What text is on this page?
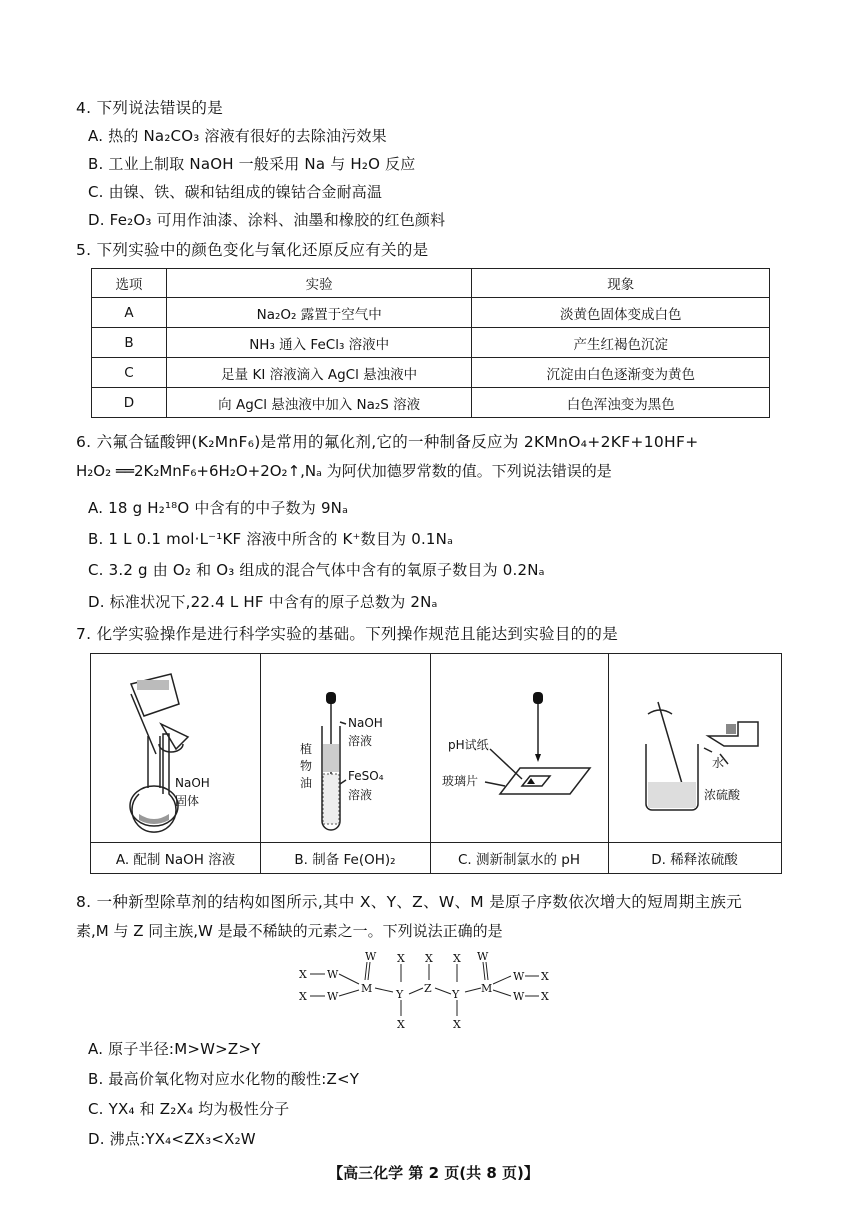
4. 下列说法错误的是
A. 热的 Na₂CO₃ 溶液有很好的去除油污效果
B. 工业上制取 NaOH 一般采用 Na 与 H₂O 反应
C. 由镍、铁、碳和钴组成的镍钴合金耐高温
D. Fe₂O₃ 可用作油漆、涂料、油墨和橡胶的红色颜料
5. 下列实验中的颜色变化与氧化还原反应有关的是
选项	实验	现象
A	Na₂O₂ 露置于空气中	淡黄色固体变成白色
B	NH₃ 通入 FeCl₃ 溶液中	产生红褐色沉淀
C	足量 KI 溶液滴入 AgCl 悬浊液中	沉淀由白色逐渐变为黄色
D	向 AgCl 悬浊液中加入 Na₂S 溶液	白色浑浊变为黑色
6. 六氟合锰酸钾(K₂MnF₆)是常用的氟化剂,它的一种制备反应为 2KMnO₄+2KF+10HF+
H₂O₂ ══2K₂MnF₆+6H₂O+2O₂↑,Nₐ 为阿伏加德罗常数的值。下列说法错误的是
A. 18 g H₂¹⁸O 中含有的中子数为 9Nₐ
B. 1 L 0.1 mol·L⁻¹KF 溶液中所含的 K⁺数目为 0.1Nₐ
C. 3.2 g 由 O₂ 和 O₃ 组成的混合气体中含有的氧原子数目为 0.2Nₐ
D. 标准状况下,22.4 L HF 中含有的原子总数为 2Nₐ
7. 化学实验操作是进行科学实验的基础。下列操作规范且能达到实验目的的是
NaOH
固体
A. 配制 NaOH 溶液
NaOH
溶液
植
物
油	FeSO₄
溶液
B. 制备 Fe(OH)₂
pH试纸
玻璃片
C. 测新制氯水的 pH
水
浓硫酸
D. 稀释浓硫酸
8. 一种新型除草剂的结构如图所示,其中 X、Y、Z、W、M 是原子序数依次增大的短周期主族元
素,M 与 Z 同主族,W 是最不稀缺的元素之一。下列说法正确的是
X
X
W
W
W
M
X
Y
X
X
Z
X
Y
X
W
M
W
W
X
X
A. 原子半径:M>W>Z>Y
B. 最高价氧化物对应水化物的酸性:Z<Y
C. YX₄ 和 Z₂X₄ 均为极性分子
D. 沸点:YX₄<ZX₃<X₂W
【高三化学 第 2 页(共 8 页)】
